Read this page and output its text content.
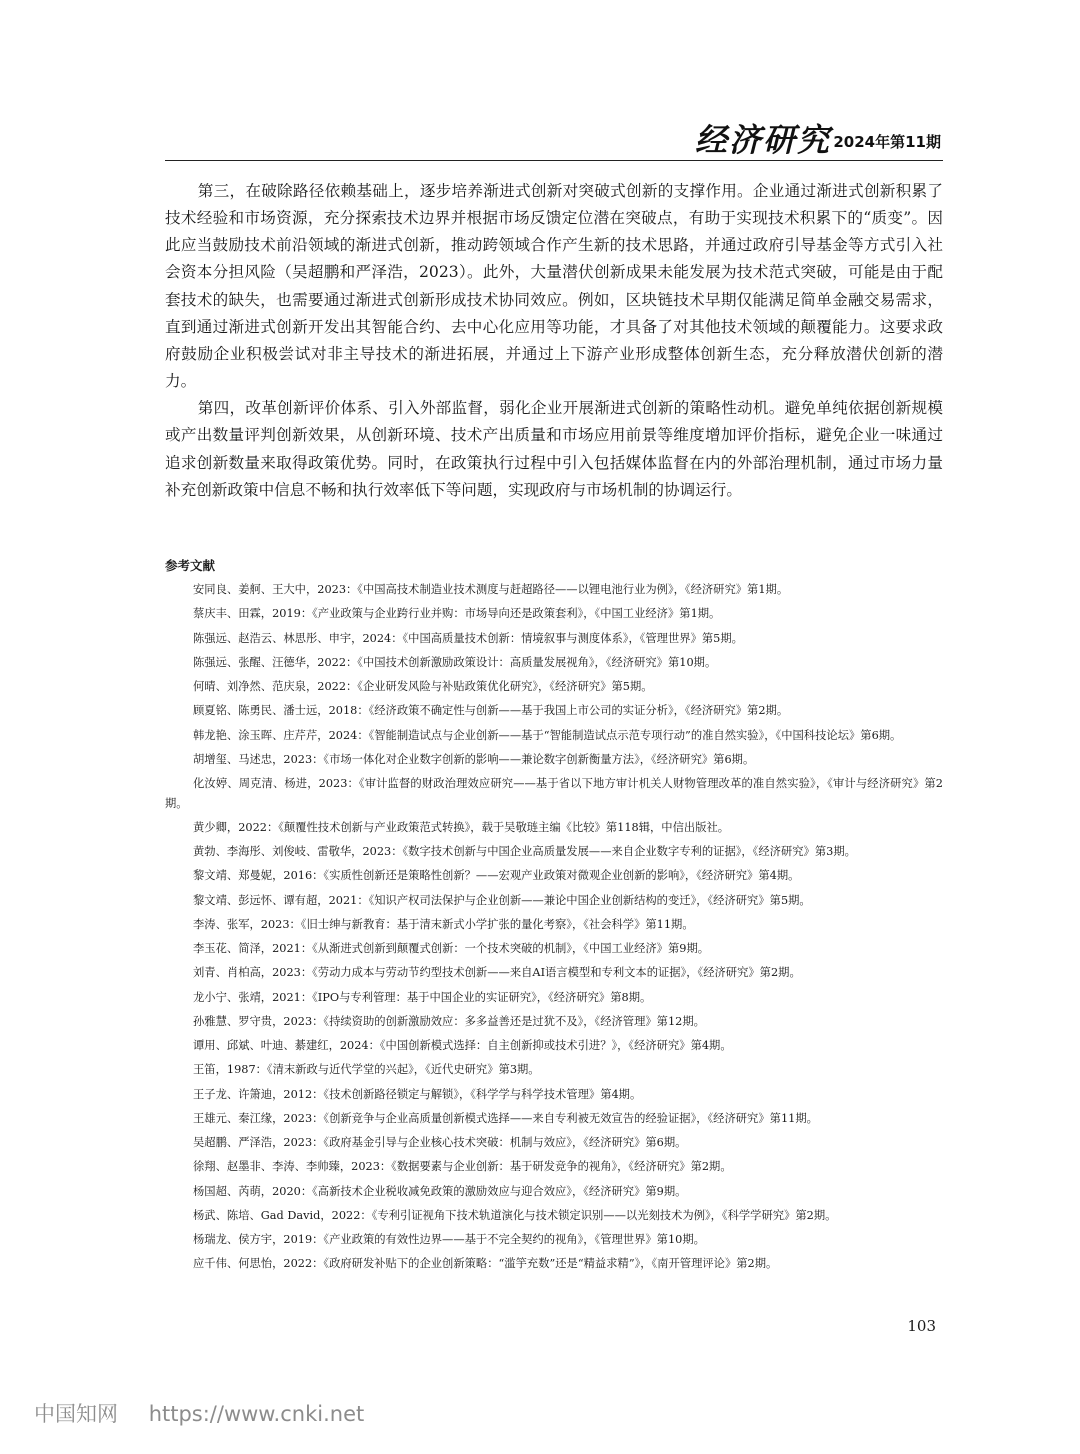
经济研究 2024年第11期

第三，在破除路径依赖基础上，逐步培养渐进式创新对突破式创新的支撑作用。企业通过渐进式创新积累了技术经验和市场资源，充分探索技术边界并根据市场反馈定位潜在突破点，有助于实现技术积累下的“质变”。因此应当鼓励技术前沿领域的渐进式创新，推动跨领域合作产生新的技术思路，并通过政府引导基金等方式引入社会资本分担风险（吴超鹏和严泽浩，2023）。此外，大量潜伏创新成果未能发展为技术范式突破，可能是由于配套技术的缺失，也需要通过渐进式创新形成技术协同效应。例如，区块链技术早期仅能满足简单金融交易需求，直到通过渐进式创新开发出其智能合约、去中心化应用等功能，才具备了对其他技术领域的颠覆能力。这要求政府鼓励企业积极尝试对非主导技术的渐进拓展，并通过上下游产业形成整体创新生态，充分释放潜伏创新的潜力。

第四，改革创新评价体系、引入外部监督，弱化企业开展渐进式创新的策略性动机。避免单纯依据创新规模或产出数量评判创新效果，从创新环境、技术产出质量和市场应用前景等维度增加评价指标，避免企业一味通过追求创新数量来取得政策优势。同时，在政策执行过程中引入包括媒体监督在内的外部治理机制，通过市场力量补充创新政策中信息不畅和执行效率低下等问题，实现政府与市场机制的协调运行。

参考文献

安同良、姜舸、王大中，2023：《中国高技术制造业技术测度与赶超路径——以锂电池行业为例》，《经济研究》第1期。

蔡庆丰、田霖，2019：《产业政策与企业跨行业并购：市场导向还是政策套利》，《中国工业经济》第1期。

陈强远、赵浩云、林思彤、申宇，2024：《中国高质量技术创新：情境叙事与测度体系》，《管理世界》第5期。

陈强远、张醒、汪德华，2022：《中国技术创新激励政策设计：高质量发展视角》，《经济研究》第10期。

何晴、刘净然、范庆泉，2022：《企业研发风险与补贴政策优化研究》，《经济研究》第5期。

顾夏铭、陈勇民、潘士远，2018：《经济政策不确定性与创新——基于我国上市公司的实证分析》，《经济研究》第2期。

韩龙艳、涂玉晖、庄芹芹，2024：《智能制造试点与企业创新——基于“智能制造试点示范专项行动”的准自然实验》，《中国科技论坛》第6期。

胡增玺、马述忠，2023：《市场一体化对企业数字创新的影响——兼论数字创新衡量方法》，《经济研究》第6期。

化汝婷、周克清、杨进，2023：《审计监督的财政治理效应研究——基于省以下地方审计机关人财物管理改革的准自然实验》，《审计与经济研究》第2期。

黄少卿，2022：《颠覆性技术创新与产业政策范式转换》，载于吴敬琏主编《比较》第118辑，中信出版社。

黄勃、李海彤、刘俊岐、雷敬华，2023：《数字技术创新与中国企业高质量发展——来自企业数字专利的证据》，《经济研究》第3期。

黎文靖、郑曼妮，2016：《实质性创新还是策略性创新？——宏观产业政策对微观企业创新的影响》，《经济研究》第4期。

黎文靖、彭远怀、谭有超，2021：《知识产权司法保护与企业创新——兼论中国企业创新结构的变迁》，《经济研究》第5期。

李涛、张军，2023：《旧士绅与新教育：基于清末新式小学扩张的量化考察》，《社会科学》第11期。

李玉花、简泽，2021：《从渐进式创新到颠覆式创新：一个技术突破的机制》，《中国工业经济》第9期。

刘青、肖柏高，2023：《劳动力成本与劳动节约型技术创新——来自AI语言模型和专利文本的证据》，《经济研究》第2期。

龙小宁、张靖，2021：《IPO与专利管理：基于中国企业的实证研究》，《经济研究》第8期。

孙雅慧、罗守贵，2023：《持续资助的创新激励效应：多多益善还是过犹不及》，《经济管理》第12期。

谭用、邱斌、叶迪、綦建红，2024：《中国创新模式选择：自主创新抑或技术引进？》，《经济研究》第4期。

王笛，1987：《清末新政与近代学堂的兴起》，《近代史研究》第3期。

王子龙、许箫迪，2012：《技术创新路径锁定与解锁》，《科学学与科学技术管理》第4期。

王雄元、秦江缘，2023：《创新竞争与企业高质量创新模式选择——来自专利被无效宣告的经验证据》，《经济研究》第11期。

吴超鹏、严泽浩，2023：《政府基金引导与企业核心技术突破：机制与效应》，《经济研究》第6期。

徐翔、赵墨非、李涛、李帅臻，2023：《数据要素与企业创新：基于研发竞争的视角》，《经济研究》第2期。

杨国超、芮萌，2020：《高新技术企业税收减免政策的激励效应与迎合效应》，《经济研究》第9期。

杨武、陈培、Gad David，2022：《专利引证视角下技术轨道演化与技术锁定识别——以光刻技术为例》，《科学学研究》第2期。

杨瑞龙、侯方宇，2019：《产业政策的有效性边界——基于不完全契约的视角》，《管理世界》第10期。

应千伟、何思怡，2022：《政府研发补贴下的企业创新策略：“滥竽充数”还是“精益求精”》，《南开管理评论》第2期。

103
中国知网 https://www.cnki.net
